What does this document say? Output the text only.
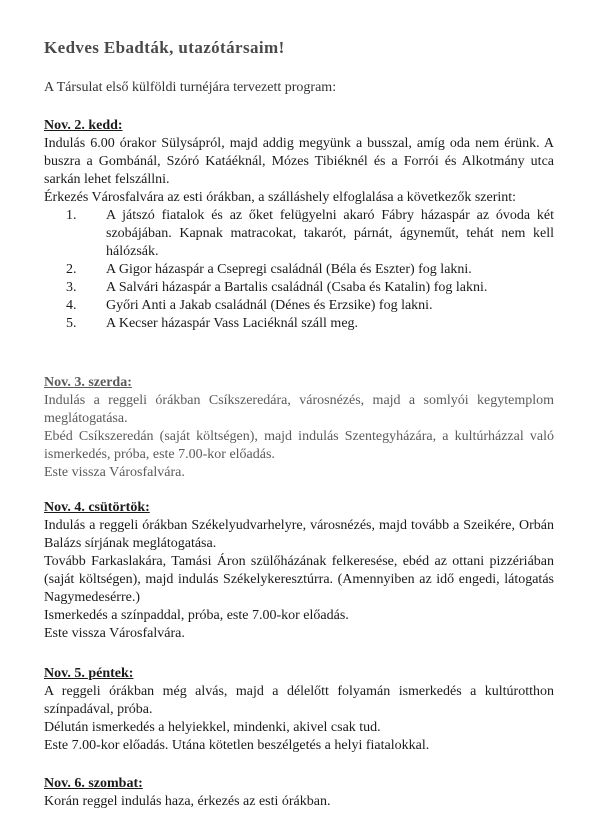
Kedves Ebadták, utazótársaim!
A Társulat első külföldi turnéjára tervezett program:

Nov. 2. kedd:

Indulás 6.00 órakor Sülysápról, majd addig megyünk a busszal, amíg oda nem érünk. A buszra a Gombánál, Szóró Katáéknál, Mózes Tibiéknél és a Forrói és Alkotmány utca sarkán lehet felszállni.

Érkezés Városfalvára az esti órákban, a szálláshely elfoglalása a következők szerint:

1.	A játszó fiatalok és az őket felügyelni akaró Fábry házaspár az óvoda két szobájában. Kapnak matracokat, takarót, párnát, ágyneműt, tehát nem kell hálózsák.
2.	A Gigor házaspár a Csepregi családnál (Béla és Eszter) fog lakni.
3.	A Salvári házaspár a Bartalis családnál (Csaba és Katalin) fog lakni.
4.	Győri Anti a Jakab családnál (Dénes és Erzsike) fog lakni.
5.	A Kecser házaspár Vass Laciéknál száll meg.

Nov. 3. szerda:

Indulás a reggeli órákban Csíkszeredára, városnézés, majd a somlyói kegytemplom meglátogatása.

Ebéd Csíkszeredán (saját költségen), majd indulás Szentegyházára, a kultúrházzal való ismerkedés, próba, este 7.00-kor előadás.

Este vissza Városfalvára.

Nov. 4. csütörtök:

Indulás a reggeli órákban Székelyudvarhelyre, városnézés, majd tovább a Szeikére, Orbán Balázs sírjának meglátogatása.

Tovább Farkaslakára, Tamási Áron szülőházának felkeresése, ebéd az ottani pizzériában (saját költségen), majd indulás Székelykeresztúrra. (Amennyiben az idő engedi, látogatás Nagymedesérre.)

Ismerkedés a színpaddal, próba, este 7.00-kor előadás.

Este vissza Városfalvára.

Nov. 5. péntek:

A reggeli órákban még alvás, majd a délelőtt folyamán ismerkedés a kultúrotthon színpadával, próba.

Délután ismerkedés a helyiekkel, mindenki, akivel csak tud.

Este 7.00-kor előadás. Utána kötetlen beszélgetés a helyi fiatalokkal.

Nov. 6. szombat:

Korán reggel indulás haza, érkezés az esti órákban.
